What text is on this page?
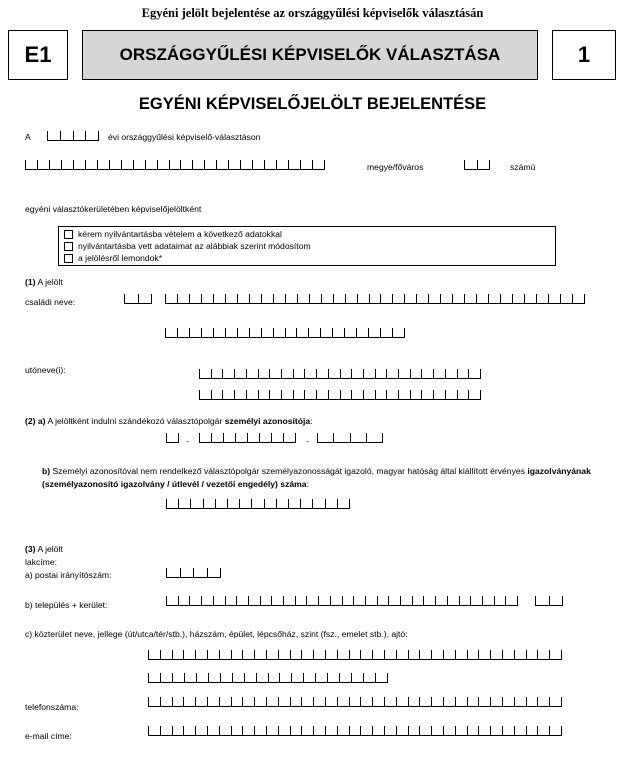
Egyéni jelölt bejelentése az országgyűlési képviselők választásán
E1	ORSZÁGGYŰLÉSI KÉPVISELŐK VÁLASZTÁSA	1
EGYÉNI KÉPVISELŐJELÖLT BEJELENTÉSE
A	évi országgyűlési képviselő-választáson
megye/főváros	számú
egyéni választókerületében képviselőjelöltként
kérem nyilvántartásba vételem a következő adatokkal
nyilvántartásba vett adataimat az alábbiak szerint módosítom
a jelölésről lemondok*
(1) A jelölt
családi neve:
utóneve(i):
(2) a) A jelöltként indulni szándékozó választópolgár személyi azonosítója:
-	-
b) Személyi azonosítóval nem rendelkező választópolgár személyazonosságát igazoló, magyar hatóság által kiállított érvényes igazolványának (személyazonosító igazolvány / útlevél / vezetői engedély) száma:
(3) A jelölt
lakcíme:
a) postai irányítószám:
b) település + kerület:
c) közterület neve, jellege (út/utca/tér/stb.), házszám, épület, lépcsőház, szint (fsz., emelet stb.), ajtó:
telefonszáma:
e-mail címe:
